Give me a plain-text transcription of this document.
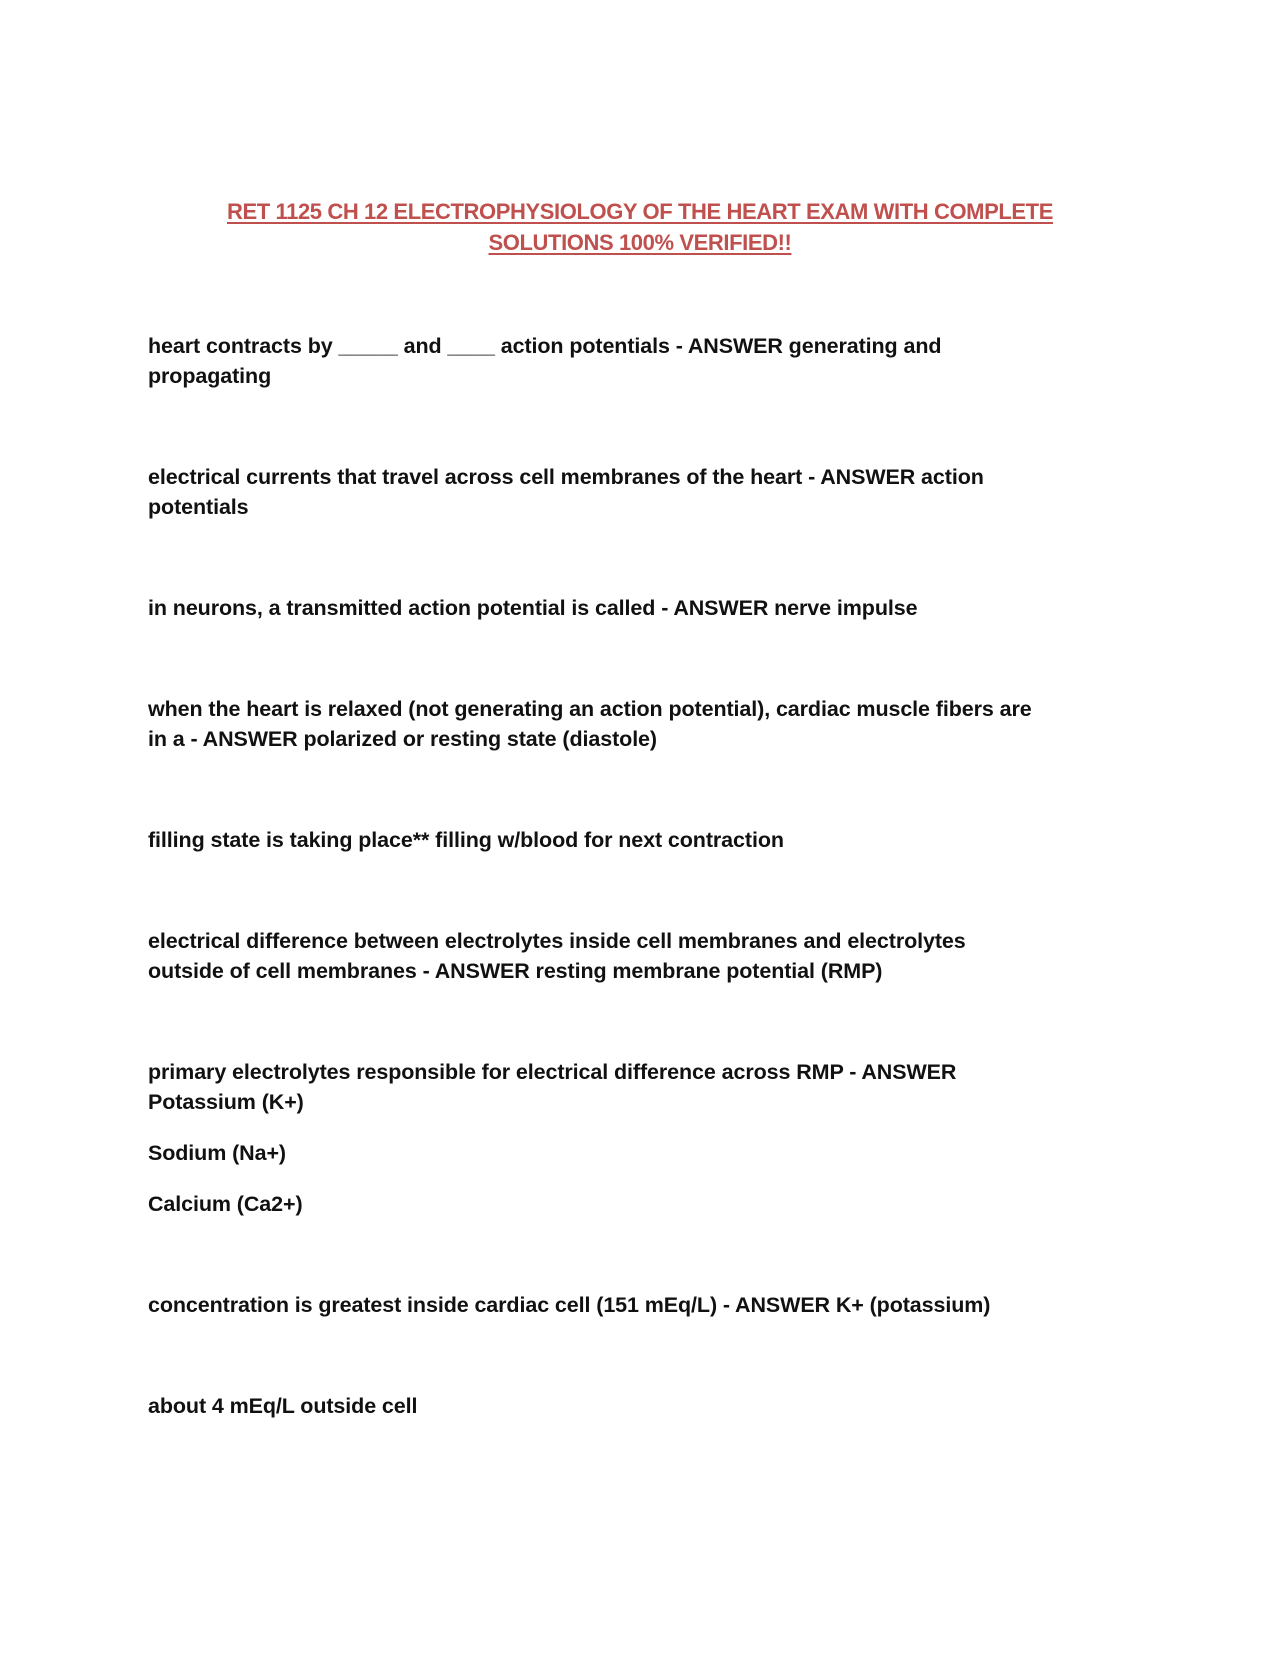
RET 1125 CH 12 ELECTROPHYSIOLOGY OF THE HEART EXAM WITH COMPLETE
SOLUTIONS 100% VERIFIED!!

heart contracts by _____ and ____ action potentials - ANSWER generating and
propagating

electrical currents that travel across cell membranes of the heart - ANSWER action
potentials

in neurons, a transmitted action potential is called - ANSWER nerve impulse

when the heart is relaxed (not generating an action potential), cardiac muscle fibers are
in a - ANSWER polarized or resting state (diastole)

filling state is taking place** filling w/blood for next contraction

electrical difference between electrolytes inside cell membranes and electrolytes
outside of cell membranes - ANSWER resting membrane potential (RMP)

primary electrolytes responsible for electrical difference across RMP - ANSWER
Potassium (K+)

Sodium (Na+)

Calcium (Ca2+)

concentration is greatest inside cardiac cell (151 mEq/L) - ANSWER K+ (potassium)

about 4 mEq/L outside cell
